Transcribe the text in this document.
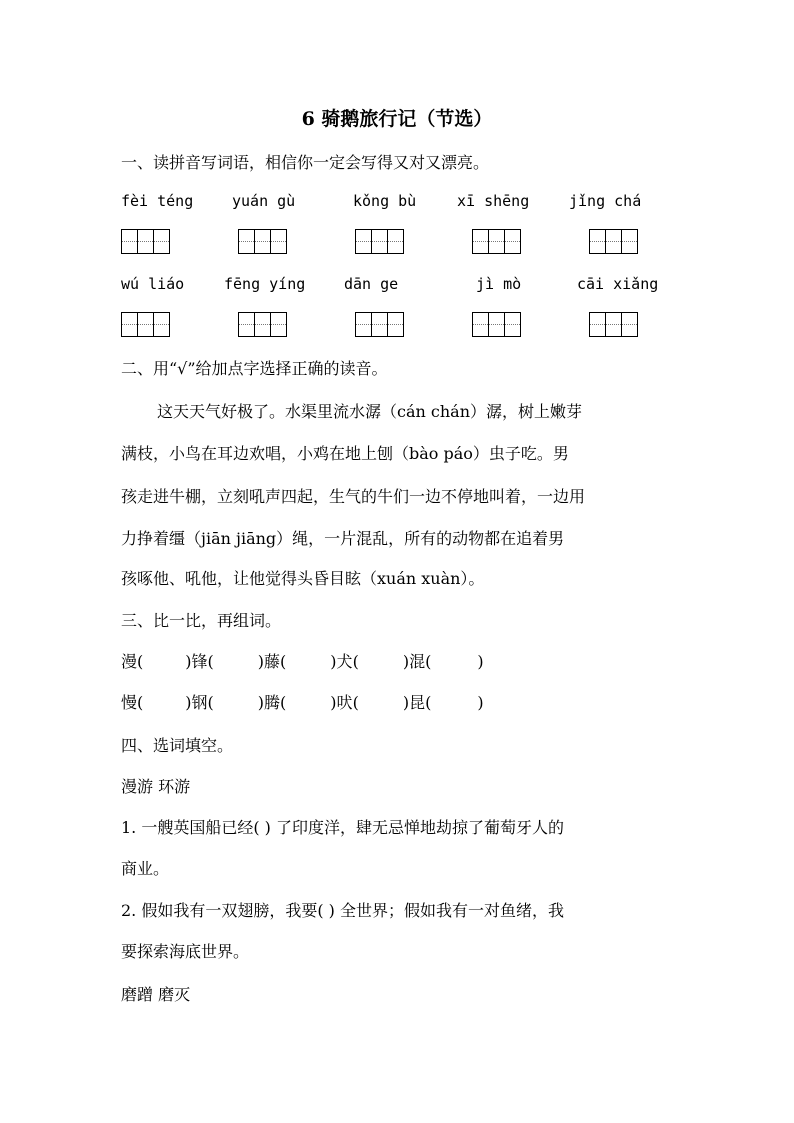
6 骑鹅旅行记（节选）
一、读拼音写词语，相信你一定会写得又对又漂亮。
fèi téng	yuán gù	kǒng bù	xī shēng	jǐng chá
wú liáo	fēng yíng	dān ge	jì mò	cāi xiǎng
二、用“√”给加点字选择正确的读音。
这天天气好极了。水渠里流水潺（cán chán）潺，树上嫩芽
满枝，小鸟在耳边欢唱，小鸡在地上刨（bào páo）虫子吃。男
孩走进牛棚，立刻吼声四起，生气的牛们一边不停地叫着，一边用
力挣着缰（jiān jiāng）绳，一片混乱，所有的动物都在追着男
孩啄他、吼他，让他觉得头昏目眩（xuán xuàn）。
三、比一比，再组词。
漫(	)锋(	)藤(	)犬(	)混(	)
慢(	)钢(	)腾(	)吠(	)昆(	)
四、选词填空。
漫游 环游
1. 一艘英国船已经( ) 了印度洋，肆无忌惮地劫掠了葡萄牙人的
商业。
2. 假如我有一双翅膀，我要( ) 全世界；假如我有一对鱼绪，我
要探索海底世界。
磨蹭 磨灭
